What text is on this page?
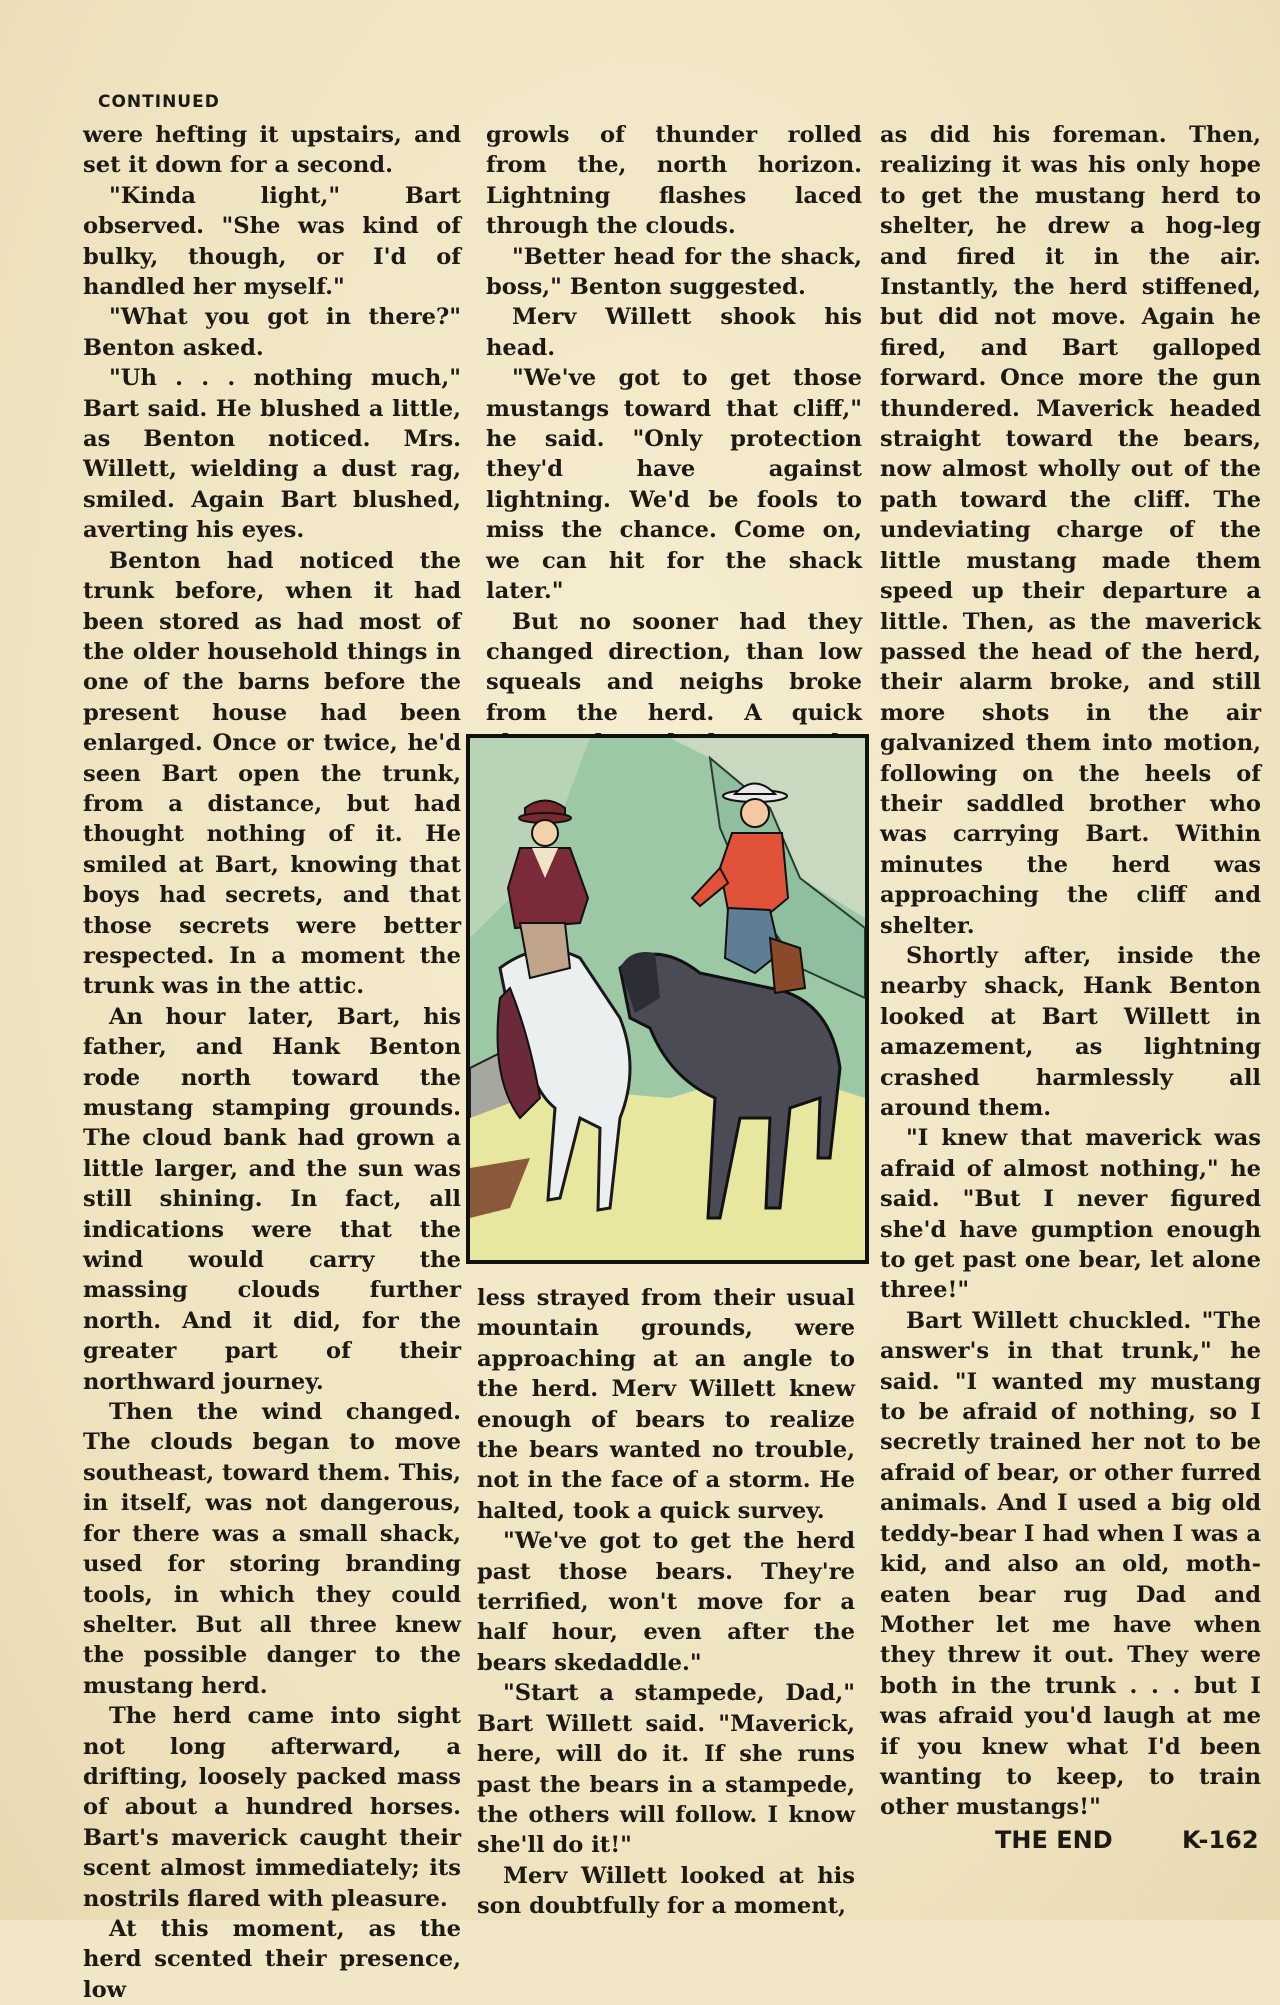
CONTINUED

were hefting it upstairs, and set it down for a second.

"Kinda light," Bart observed. "She was kind of bulky, though, or I'd of handled her myself."

"What you got in there?" Benton asked.

"Uh . . . nothing much," Bart said. He blushed a little, as Benton noticed. Mrs. Willett, wielding a dust rag, smiled. Again Bart blushed, averting his eyes.

Benton had noticed the trunk before, when it had been stored as had most of the older household things in one of the barns before the present house had been enlarged. Once or twice, he'd seen Bart open the trunk, from a distance, but had thought nothing of it. He smiled at Bart, knowing that boys had secrets, and that those secrets were better respected. In a moment the trunk was in the attic.

An hour later, Bart, his father, and Hank Benton rode north toward the mustang stamping grounds. The cloud bank had grown a little larger, and the sun was still shining. In fact, all indications were that the wind would carry the massing clouds further north. And it did, for the greater part of their northward journey.

Then the wind changed. The clouds began to move southeast, toward them. This, in itself, was not dangerous, for there was a small shack, used for storing branding tools, in which they could shelter. But all three knew the possible danger to the mustang herd.

The herd came into sight not long afterward, a drifting, loosely packed mass of about a hundred horses. Bart's maverick caught their scent almost immediately; its nostrils flared with pleasure.

At this moment, as the herd scented their presence, low

growls of thunder rolled from the, north horizon. Lightning flashes laced through the clouds.

"Better head for the shack, boss," Benton suggested.

Merv Willett shook his head.

"We've got to get those mustangs toward that cliff," he said. "Only protection they'd have against lightning. We'd be fools to miss the chance. Come on, we can hit for the shack later."

But no sooner had they changed direction, than low squeals and neighs broke from the herd. A quick

less strayed from their usual mountain grounds, were approaching at an angle to the herd. Merv Willett knew enough of bears to realize the bears wanted no trouble, not in the face of a storm. He halted, took a quick survey.

"We've got to get the herd past those bears. They're terrified, won't move for a half hour, even after the bears skedaddle."

"Start a stampede, Dad," Bart Willett said. "Maverick, here, will do it. If she runs past the bears in a stampede, the others will follow. I know she'll do it!"

Merv Willett looked at his son doubtfully for a moment,

as did his foreman. Then, realizing it was his only hope to get the mustang herd to shelter, he drew a hog-leg and fired it in the air. Instantly, the herd stiffened, but did not move. Again he fired, and Bart galloped forward. Once more the gun thundered. Maverick headed straight toward the bears, now almost wholly out of the path toward the cliff. The undeviating charge of the little mustang made them speed up their departure a little. Then, as the maverick passed the head of the herd, their alarm broke, and still more shots in the air galvanized them into motion, following on the heels of their saddled brother who was carrying Bart. Within minutes the herd was approaching the cliff and shelter.

Shortly after, inside the nearby shack, Hank Benton looked at Bart Willett in amazement, as lightning crashed harmlessly all around them.

"I knew that maverick was afraid of almost nothing," he said. "But I never figured she'd have gumption enough to get past one bear, let alone three!"

Bart Willett chuckled. "The answer's in that trunk," he said. "I wanted my mustang to be afraid of nothing, so I secretly trained her not to be afraid of bear, or other furred animals. And I used a big old teddy-bear I had when I was a kid, and also an old, moth-eaten bear rug Dad and Mother let me have when they threw it out. They were both in the trunk . . . but I was afraid you'd laugh at me if you knew what I'd been wanting to keep, to train other mustangs!"

THE END	K-162
